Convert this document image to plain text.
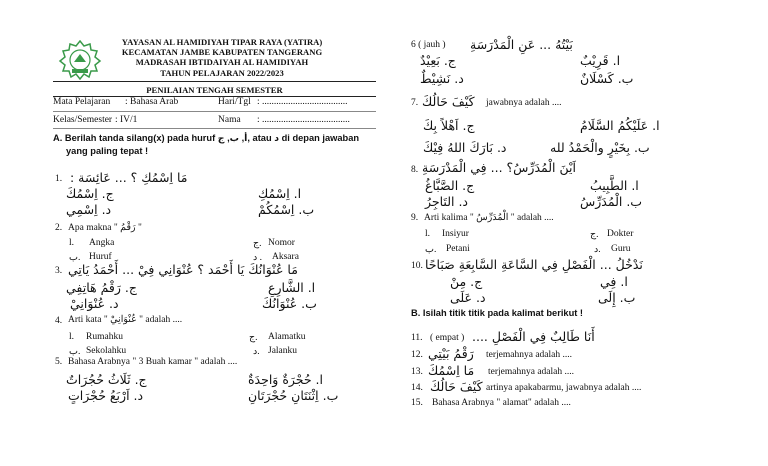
YAYASAN AL HAMIDIYAH TIPAR RAYA (YATIRA)
KECAMATAN JAMBE KABUPATEN TANGERANG
MADRASAH IBTIDAIYAH AL HAMIDIYAH
TAHUN PELAJARAN 2022/2023
PENILAIAN TENGAH SEMESTER
Mata Pelajaran : Bahasa Arab	Hari/Tgl : ....................................
Kelas/Semester : IV/1	Nama : .....................................
A. Berilah tanda silang(x) pada huruf أ, ب, ج, atau د di depan jawaban
yang paling tepat !
1. مَا اِسْمُكِ ؟ ... عَائِسَة :
ا. اِسْمُكِ
ج. اِسْمُكَ
ب. اِسْمُكُمْ
د. اِسْمِي
2. Apa makna " رَقْمُ "
l. Angka	ج. Nomor
ب. Huruf	د . Aksara
3. مَا عُنْوَانُكَ يَا أَحْمَد ؟ عُنْوَانِي فِيْ ... أَحْمَدُ يَاتِي
ا. الشَّارِعِ
ج. رَقْمُ هَاتِفِي
ب. عُنْوَانُكَ
د. عُنْوَانِيْ
4. Arti kata " عُنْوَانِيْ " adalah ....
l. Rumahku	ج. Alamatku
ب. Sekolahku	د. Jalanku
5. Bahasa Arabnya " 3 Buah kamar " adalah ....
ا. حُجْرَةٌ وَاحِدَةٌ
ج. ثَلَاثُ حُجُرَاتٌ
ب. اِثْنَتَانِ حُجْرَتَانِ
د. اَرْبَعُ حُجْرَاتٍ
6 ( jauh ) بَيْتُهُ ... عَنِ الْمَدْرَسَةِ
ا. قَرِيْبٌ
ج. بَعِيْدٌ
ب. كَسْلَانٌ
د. نَشِيْطٌ
7. كَيْفَ حَالُكَ jawabnya adalah ....
ا. عَلَيْكُمُ السَّلَامُ
ج. اَهْلاً بِكَ
ب. بِخَيْرٍ والْحَمْدُ لله
د. بَارَكَ اللهُ فِيْكَ
8. اَيْنَ الْمُدَرِّسُ؟ ... فِي الْمَدْرَسَةِ
ا. الطَّبِيبُ
ج. الصَّبَّاغُ
ب. الْمُدَرِّسُ
د. التَاجِرُ
9. Arti kalima " الْمُدَرِّسُ " adalah ....
l. Insiyur	ج. Dokter
ب. Petani	د. Guru
10. نَدْخُلُ ... الْفَصْلِ فِي السَّاعَةِ السَّابِعَةِ صَبَاحًا
ا. فِي
ج. مِنْ
ب. إِلَى
د. عَلَى
B. Isilah titik titik pada kalimat berikut !
11. ( empat ) أَنَا طَالِبٌ فِي الْفَصْلِ ....
12. رَقْمُ بَيْتِي terjemahnya adalah ....
13. مَا اِسْمُكَ terjemahnya adalah ....
14. كَيْفَ حَالُكَ artinya apakabarmu, jawabnya adalah ....
15. Bahasa Arabnya " alamat" adalah ....
